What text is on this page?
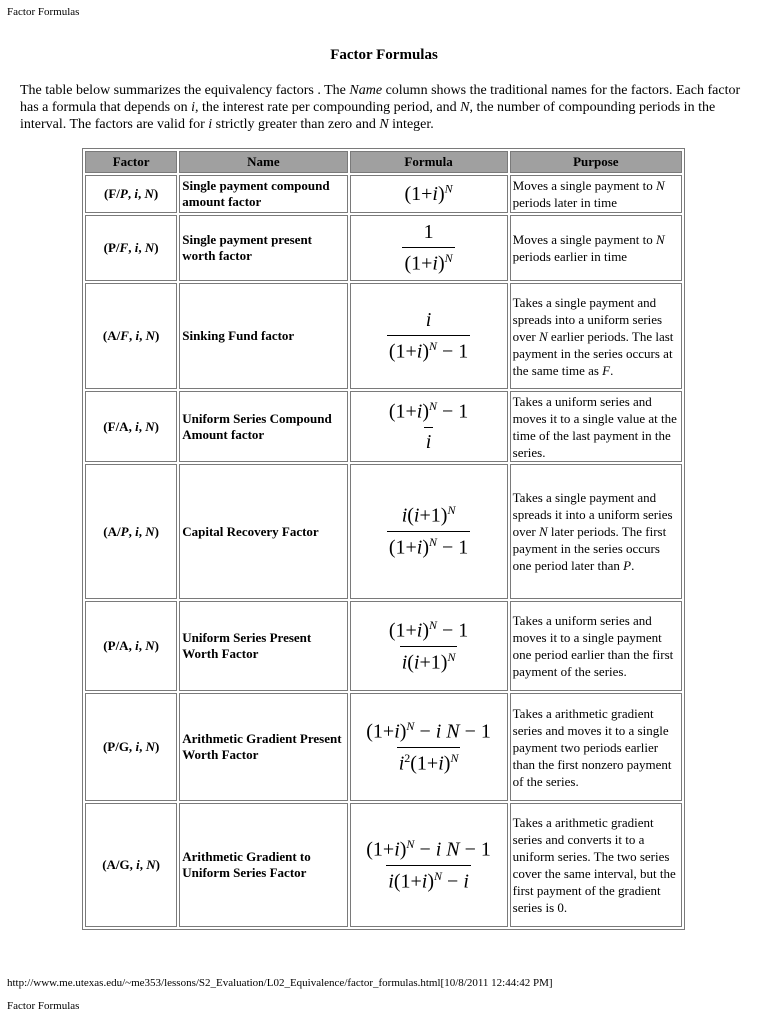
Factor Formulas
Factor Formulas
The table below summarizes the equivalency factors . The Name column shows the traditional names for the factors. Each factor has a formula that depends on i, the interest rate per compounding period, and N, the number of compounding periods in the interval. The factors are valid for i strictly greater than zero and N integer.
Factor	Name	Formula	Purpose
(F/P, i, N)	Single payment compound amount factor	$(1+i)^N$	Moves a single payment to N periods later in time
(P/F, i, N)	Single payment present worth factor	$\frac{1}{(1+i)^N}$	Moves a single payment to N periods earlier in time
(A/F, i, N)	Sinking Fund factor	$\frac{i}{(1+i)^N - 1}$	Takes a single payment and spreads into a uniform series over N earlier periods. The last payment in the series occurs at the same time as F.
(F/A, i, N)	Uniform Series Compound Amount factor	$\frac{(1+i)^N - 1}{i}$	Takes a uniform series and moves it to a single value at the time of the last payment in the series.
(A/P, i, N)	Capital Recovery Factor	$\frac{i(i+1)^N}{(1+i)^N - 1}$	Takes a single payment and spreads it into a uniform series over N later periods. The first payment in the series occurs one period later than P.
(P/A, i, N)	Uniform Series Present Worth Factor	$\frac{(1+i)^N - 1}{i(i+1)^N}$	Takes a uniform series and moves it to a single payment one period earlier than the first payment of the series.
(P/G, i, N)	Arithmetic Gradient Present Worth Factor	$\frac{(1+i)^N - i N - 1}{i^2(1+i)^N}$	Takes a arithmetic gradient series and moves it to a single payment two periods earlier than the first nonzero payment of the series.
(A/G, i, N)	Arithmetic Gradient to Uniform Series Factor	$\frac{(1+i)^N - i N - 1}{i(1+i)^N - i}$	Takes a arithmetic gradient series and converts it to a uniform series. The two series cover the same interval, but the first payment of the gradient series is 0.
http://www.me.utexas.edu/~me353/lessons/S2_Evaluation/L02_Equivalence/factor_formulas.html[10/8/2011 12:44:42 PM]
Factor Formulas
